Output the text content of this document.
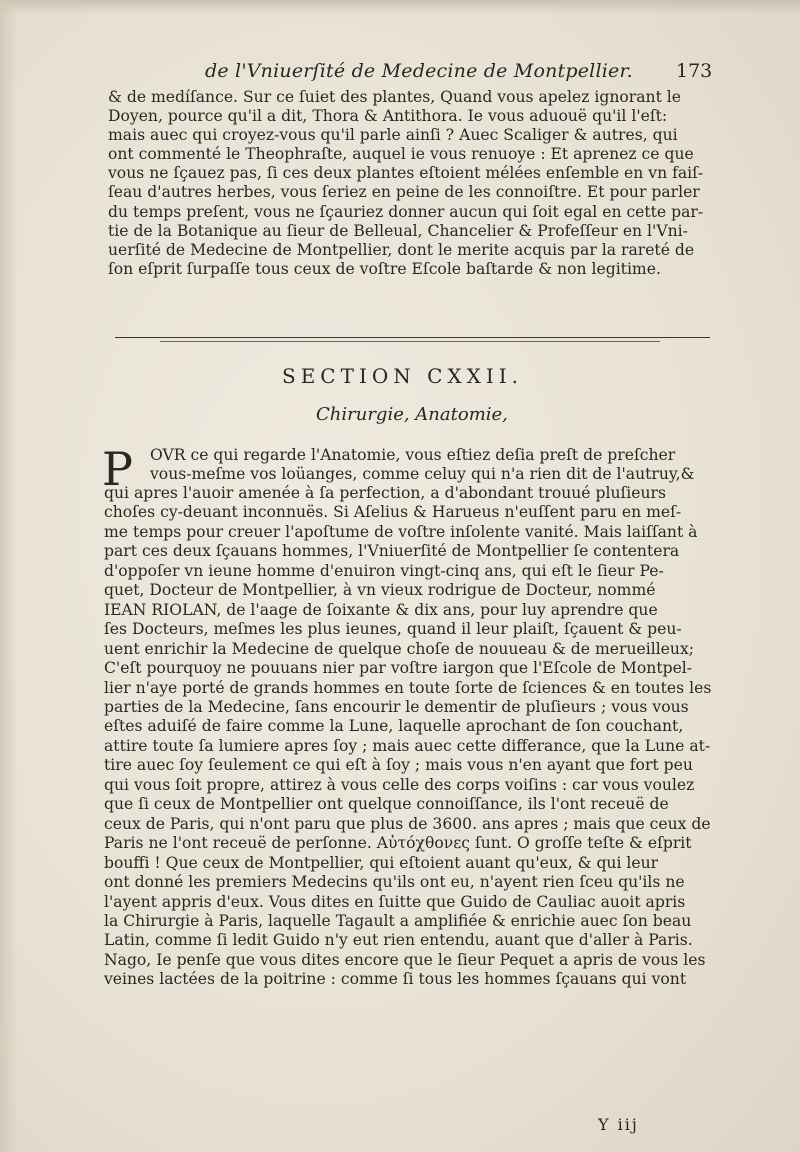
de l'Vniuerſité de Medecine de Montpellier. 173
& de medíſance. Sur ce ſuiet des plantes, Quand vous apelez ignorant le
Doyen, pource qu'il a dit, Thora & Antithora. Ie vous aduouë qu'il l'eſt:
mais auec qui croyez-vous qu'il parle ainſi ? Auec Scaliger & autres, qui
ont commenté le Theophraſte, auquel ie vous renuoye : Et aprenez ce que
vous ne ſçauez pas, ſi ces deux plantes eſtoient mélées enſemble en vn faiſ-
ſeau d'autres herbes, vous ſeriez en peine de les connoiſtre. Et pour parler
du temps preſent, vous ne ſçauriez donner aucun qui ſoit egal en cette par-
tie de la Botanique au ſieur de Belleual, Chancelier & Profeſſeur en l'Vni-
uerſité de Medecine de Montpellier, dont le merite acquis par la rareté de
ſon eſprit ſurpaſſe tous ceux de voſtre Eſcole baſtarde & non legitime.
SECTION CXXII.
Chirurgie, Anatomie,
P OVR ce qui regarde l'Anatomie, vous eſtiez deſia preſt de preſcher
vous-meſme vos loüanges, comme celuy qui n'a rien dit de l'autruy,&
qui apres l'auoir amenée à ſa perfection, a d'abondant trouué pluſieurs
choſes cy-deuant inconnuës. Si Aſelius & Harueus n'euſſent paru en meſ-
me temps pour creuer l'apoſtume de voſtre inſolente vanité. Mais laiſſant à
part ces deux ſçauans hommes, l'Vniuerſité de Montpellier ſe contentera
d'oppoſer vn ieune homme d'enuiron vingt-cinq ans, qui eſt le ſieur Pe-
quet, Docteur de Montpellier, à vn vieux rodrigue de Docteur, nommé
IEAN RIOLAN, de l'aage de ſoixante & dix ans, pour luy aprendre que
ſes Docteurs, meſmes les plus ieunes, quand il leur plaiſt, ſçauent & peu-
uent enrichir la Medecine de quelque choſe de nouueau & de merueilleux;
C'eſt pourquoy ne pouuans nier par voſtre iargon que l'Eſcole de Montpel-
lier n'aye porté de grands hommes en toute ſorte de ſciences & en toutes les
parties de la Medecine, ſans encourir le dementir de pluſieurs ; vous vous
eſtes aduiſé de faire comme la Lune, laquelle aprochant de ſon couchant,
attire toute ſa lumiere apres ſoy ; mais auec cette differance, que la Lune at-
tire auec ſoy ſeulement ce qui eſt à ſoy ; mais vous n'en ayant que fort peu
qui vous ſoit propre, attirez à vous celle des corps voiſins : car vous voulez
que ſi ceux de Montpellier ont quelque connoiſſance, ils l'ont receuë de
ceux de Paris, qui n'ont paru que plus de 3600. ans apres ; mais que ceux de
Paris ne l'ont receuë de perſonne. Αὐτόχθονες ſunt. O groſſe teſte & eſprit
bouffi ! Que ceux de Montpellier, qui eſtoient auant qu'eux, & qui leur
ont donné les premiers Medecins qu'ils ont eu, n'ayent rien ſceu qu'ils ne
l'ayent appris d'eux. Vous dites en ſuitte que Guido de Cauliac auoit apris
la Chirurgie à Paris, laquelle Tagault a amplifiée & enrichie auec ſon beau
Latin, comme ſi ledit Guido n'y eut rien entendu, auant que d'aller à Paris.
Nago, Ie penſe que vous dites encore que le ſieur Pequet a apris de vous les
veines lactées de la poitrine : comme ſi tous les hommes ſçauans qui vont
Y iij
